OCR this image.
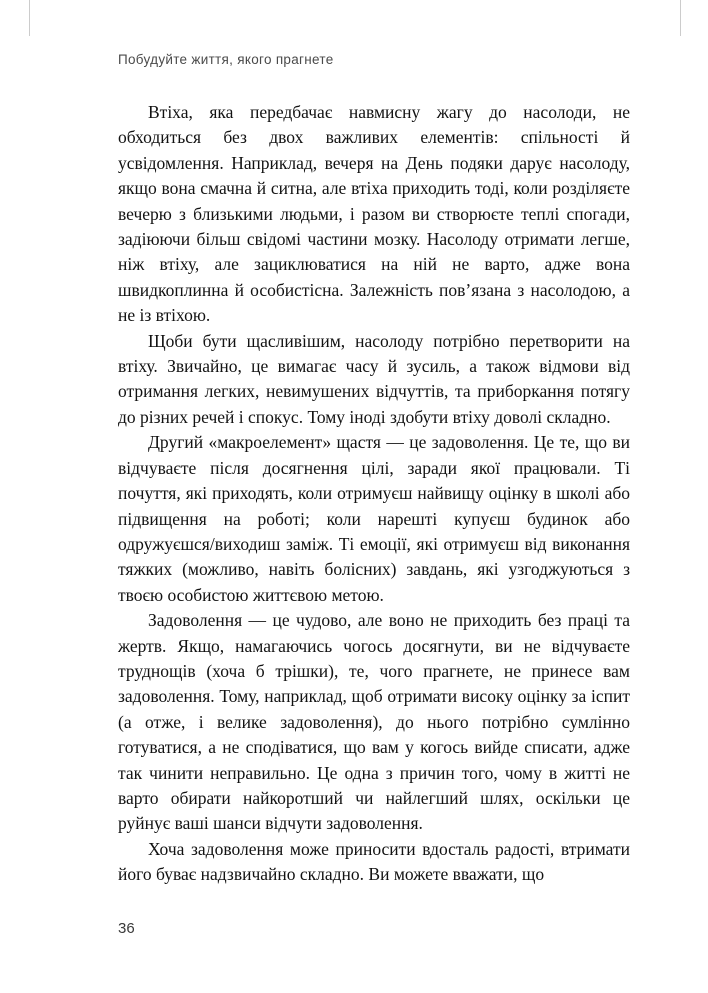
Побудуйте життя, якого прагнете

Втіха, яка передбачає навмисну жагу до насолоди, не обходиться без двох важливих елементів: спільності й усвідомлення. Наприклад, вечеря на День подяки дарує насолоду, якщо вона смачна й ситна, але втіха приходить тоді, коли розділяєте вечерю з близькими людьми, і разом ви створюєте теплі спогади, задіюючи більш свідомі частини мозку. Насолоду отримати легше, ніж втіху, але зациклюватися на ній не варто, адже вона швидкоплинна й особистісна. Залежність пов’язана з насолодою, а не із втіхою.

Щоби бути щасливішим, насолоду потрібно перетворити на втіху. Звичайно, це вимагає часу й зусиль, а також відмови від отримання легких, невимушених відчуттів, та приборкання потягу до різних речей і спокус. Тому іноді здобути втіху доволі складно.

Другий «макроелемент» щастя — це задоволення. Це те, що ви відчуваєте після досягнення цілі, заради якої працювали. Ті почуття, які приходять, коли отримуєш найвищу оцінку в школі або підвищення на роботі; коли нарешті купуєш будинок або одружуєшся/виходиш заміж. Ті емоції, які отримуєш від виконання тяжких (можливо, навіть болісних) завдань, які узгоджуються з твоєю особистою життєвою метою.

Задоволення — це чудово, але воно не приходить без праці та жертв. Якщо, намагаючись чогось досягнути, ви не відчуваєте труднощів (хоча б трішки), те, чого прагнете, не принесе вам задоволення. Тому, наприклад, щоб отримати високу оцінку за іспит (а отже, і велике задоволення), до нього потрібно сумлінно готуватися, а не сподіватися, що вам у когось вийде списати, адже так чинити неправильно. Це одна з причин того, чому в житті не варто обирати найкоротший чи найлегший шлях, оскільки це руйнує ваші шанси відчути задоволення.

Хоча задоволення може приносити вдосталь радості, втримати його буває надзвичайно складно. Ви можете вважати, що

36
